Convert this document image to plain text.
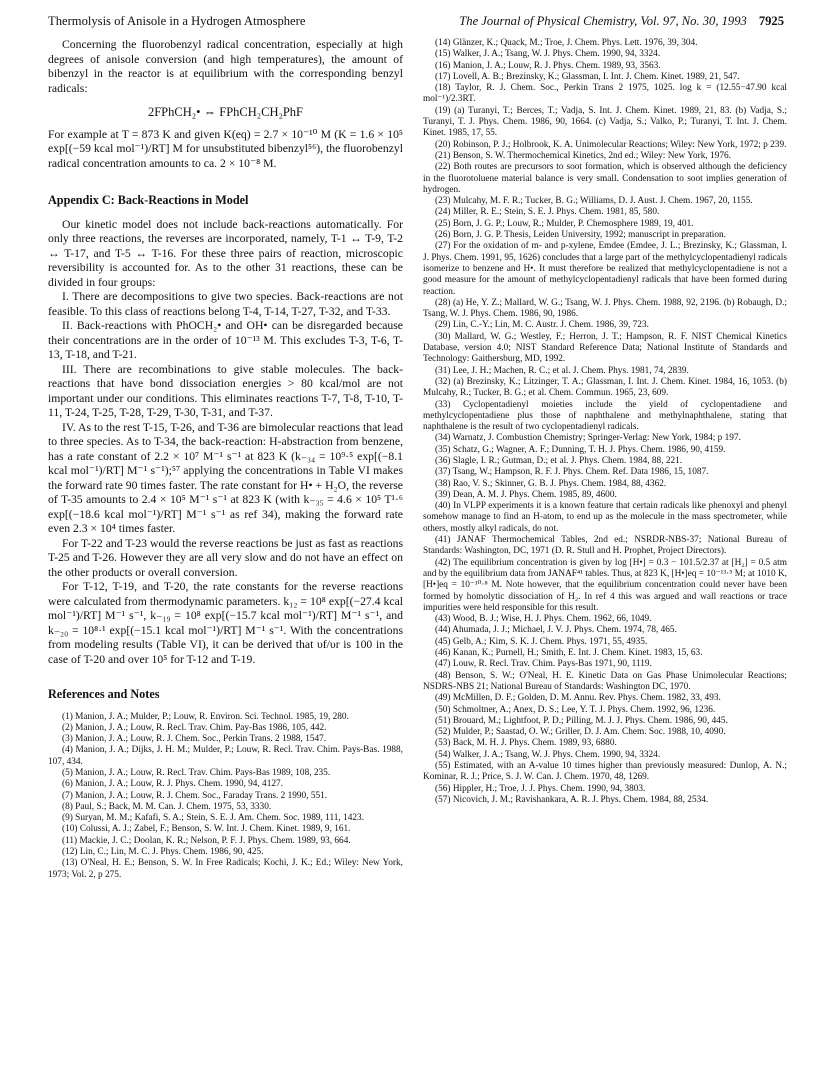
Thermolysis of Anisole in a Hydrogen Atmosphere	The Journal of Physical Chemistry, Vol. 97, No. 30, 1993 7925

Concerning the fluorobenzyl radical concentration, especially at high degrees of anisole conversion (and high temperatures), the amount of bibenzyl in the reactor is at equilibrium with the corresponding benzyl radicals:

2FPhCH₂• ⇔ FPhCH₂CH₂PhF

For example at T = 873 K and given K(eq) = 2.7 × 10⁻¹⁰ M (K = 1.6 × 10⁵ exp[(−59 kcal mol⁻¹)/RT] M for unsubstituted bibenzyl⁵⁶), the fluorobenzyl radical concentration amounts to ca. 2 × 10⁻⁸ M.

Appendix C: Back-Reactions in Model

Our kinetic model does not include back-reactions automatically. For only three reactions, the reverses are incorporated, namely, T-1 ↔ T-9, T-2 ↔ T-17, and T-5 ↔ T-16. For these three pairs of reaction, microscopic reversibility is accounted for. As to the other 31 reactions, these can be divided in four groups:

I. There are decompositions to give two species. Back-reactions are not feasible. To this class of reactions belong T-4, T-14, T-27, T-32, and T-33.

II. Back-reactions with PhOCH₂• and OH• can be disregarded because their concentrations are in the order of 10⁻¹³ M. This excludes T-3, T-6, T-13, T-18, and T-21.

III. There are recombinations to give stable molecules. The back-reactions that have bond dissociation energies > 80 kcal/mol are not important under our conditions. This eliminates reactions T-7, T-8, T-10, T-11, T-24, T-25, T-28, T-29, T-30, T-31, and T-37.

IV. As to the rest T-15, T-26, and T-36 are bimolecular reactions that lead to three species. As to T-34, the back-reaction: H-abstraction from benzene, has a rate constant of 2.2 × 10⁷ M⁻¹ s⁻¹ at 823 K (k₋₃₄ = 10⁹·⁵ exp[(−8.1 kcal mol⁻¹)/RT] M⁻¹ s⁻¹);⁵⁷ applying the concentrations in Table VI makes the forward rate 90 times faster. The rate constant for H• + H₂O, the reverse of T-35 amounts to 2.4 × 10⁵ M⁻¹ s⁻¹ at 823 K (with k₋₃₅ = 4.6 × 10⁵ T¹·⁶ exp[(−18.6 kcal mol⁻¹)/RT] M⁻¹ s⁻¹ as ref 34), making the forward rate even 2.3 × 10⁴ times faster.

For T-22 and T-23 would the reverse reactions be just as fast as reactions T-25 and T-26. However they are all very slow and do not have an effect on the other products or overall conversion.

For T-12, T-19, and T-20, the rate constants for the reverse reactions were calculated from thermodynamic parameters. k₁₂ = 10⁸ exp[(−27.4 kcal mol⁻¹)/RT] M⁻¹ s⁻¹, k₋₁₉ = 10⁸ exp[(−15.7 kcal mol⁻¹)/RT] M⁻¹ s⁻¹, and k₋₂₀ = 10⁸·¹ exp[(−15.1 kcal mol⁻¹)/RT] M⁻¹ s⁻¹. With the concentrations from modeling results (Table VI), it can be derived that υf/υr is 100 in the case of T-20 and over 10⁵ for T-12 and T-19.

References and Notes

(1) Manion, J. A.; Mulder, P.; Louw, R. Environ. Sci. Technol. 1985, 19, 280.

(2) Manion, J. A.; Louw, R. Recl. Trav. Chim. Pay-Bas 1986, 105, 442.

(3) Manion, J. A.; Louw, R. J. Chem. Soc., Perkin Trans. 2 1988, 1547.

(4) Manion, J. A.; Dijks, J. H. M.; Mulder, P.; Louw, R. Recl. Trav. Chim. Pays-Bas. 1988, 107, 434.

(5) Manion, J. A.; Louw, R. Recl. Trav. Chim. Pays-Bas 1989, 108, 235.

(6) Manion, J. A.; Louw, R. J. Phys. Chem. 1990, 94, 4127.

(7) Manion, J. A.; Louw, R. J. Chem. Soc., Faraday Trans. 2 1990, 551.

(8) Paul, S.; Back, M. M. Can. J. Chem. 1975, 53, 3330.

(9) Suryan, M. M.; Kafafi, S. A.; Stein, S. E. J. Am. Chem. Soc. 1989, 111, 1423.

(10) Colussi, A. J.; Zabel, F.; Benson, S. W. Int. J. Chem. Kinet. 1989, 9, 161.

(11) Mackie, J. C.; Doolan, K. R.; Nelson, P. F. J. Phys. Chem. 1989, 93, 664.

(12) Lin, C.; Lin, M. C. J. Phys. Chem. 1986, 90, 425.

(13) O'Neal, H. E.; Benson, S. W. In Free Radicals; Kochi, J. K.; Ed.; Wiley: New York, 1973; Vol. 2, p 275.

(14) Glänzer, K.; Quack, M.; Troe, J. Chem. Phys. Lett. 1976, 39, 304.

(15) Walker, J. A.; Tsang, W. J. Phys. Chem. 1990, 94, 3324.

(16) Manion, J. A.; Louw, R. J. Phys. Chem. 1989, 93, 3563.

(17) Lovell, A. B.; Brezinsky, K.; Glassman, I. Int. J. Chem. Kinet. 1989, 21, 547.

(18) Taylor, R. J. Chem. Soc., Perkin Trans 2 1975, 1025. log k = (12.55−47.90 kcal mol⁻¹)/2.3RT.

(19) (a) Turanyi, T.; Berces, T.; Vadja, S. Int. J. Chem. Kinet. 1989, 21, 83. (b) Vadja, S.; Turanyi, T. J. Phys. Chem. 1986, 90, 1664. (c) Vadja, S.; Valko, P.; Turanyi, T. Int. J. Chem. Kinet. 1985, 17, 55.

(20) Robinson, P. J.; Holbrook, K. A. Unimolecular Reactions; Wiley: New York, 1972; p 239.

(21) Benson, S. W. Thermochemical Kinetics, 2nd ed.; Wiley: New York, 1976.

(22) Both routes are precursors to soot formation, which is observed although the deficiency in the fluorotoluene material balance is very small. Condensation to soot implies generation of hydrogen.

(23) Mulcahy, M. F. R.; Tucker, B. G.; Williams, D. J. Aust. J. Chem. 1967, 20, 1155.

(24) Miller, R. E.; Stein, S. E. J. Phys. Chem. 1981, 85, 580.

(25) Born, J. G. P.; Louw, R.; Mulder, P. Chemosphere 1989, 19, 401.

(26) Born, J. G. P. Thesis, Leiden University, 1992; manuscript in preparation.

(27) For the oxidation of m- and p-xylene, Emdee (Emdee, J. L.; Brezinsky, K.; Glassman, I. J. Phys. Chem. 1991, 95, 1626) concludes that a large part of the methylcyclopentadienyl radicals isomerize to benzene and H•. It must therefore be realized that methylcyclopentadiene is not a good measure for the amount of methylcyclopentadienyl radicals that have been formed during reaction.

(28) (a) He, Y. Z.; Mallard, W. G.; Tsang, W. J. Phys. Chem. 1988, 92, 2196. (b) Robaugh, D.; Tsang, W. J. Phys. Chem. 1986, 90, 1986.

(29) Lin, C.-Y.; Lin, M. C. Austr. J. Chem. 1986, 39, 723.

(30) Mallard, W. G.; Westley, F.; Herron, J. T.; Hampson, R. F. NIST Chemical Kinetics Database, version 4.0; NIST Standard Reference Data; National Institute of Standards and Technology: Gaithersburg, MD, 1992.

(31) Lee, J. H.; Machen, R. C.; et al. J. Chem. Phys. 1981, 74, 2839.

(32) (a) Brezinsky, K.; Litzinger, T. A.; Glassman, I. Int. J. Chem. Kinet. 1984, 16, 1053. (b) Mulcahy, R.; Tucker, B. G.; et al. Chem. Commun. 1965, 23, 609.

(33) Cyclopentadienyl moieties include the yield of cyclopentadiene and methylcyclopentadiene plus those of naphthalene and methylnaphthalene, stating that naphthalene is the result of two cyclopentadienyl radicals.

(34) Warnatz, J. Combustion Chemistry; Springer-Verlag: New York, 1984; p 197.

(35) Schatz, G.; Wagner, A. F.; Dunning, T. H. J. Phys. Chem. 1986, 90, 4159.

(36) Slagle, I. R.; Gutman, D.; et al. J. Phys. Chem. 1984, 88, 221.

(37) Tsang, W.; Hampson, R. F. J. Phys. Chem. Ref. Data 1986, 15, 1087.

(38) Rao, V. S.; Skinner, G. B. J. Phys. Chem. 1984, 88, 4362.

(39) Dean, A. M. J. Phys. Chem. 1985, 89, 4600.

(40) In VLPP experiments it is a known feature that certain radicals like phenoxyl and phenyl somehow manage to find an H-atom, to end up as the molecule in the mass spectrometer, while others, mostly alkyl radicals, do not.

(41) JANAF Thermochemical Tables, 2nd ed.; NSRDR-NBS-37; National Bureau of Standards: Washington, DC, 1971 (D. R. Stull and H. Prophet, Project Directors).

(42) The equilibrium concentration is given by log [H•] = 0.3 − 101.5/2.37 at [H₂] = 0.5 atm and by the equilibrium data from JANAF⁴¹ tables. Thus, at 823 K, [H•]eq = 10⁻¹³·⁵ M; at 1010 K, [H•]eq = 10⁻¹⁰·⁸ M. Note however, that the equilibrium concentration could never have been formed by homolytic dissociation of H₂. In ref 4 this was argued and wall reactions or trace impurities were held responsible for this result.

(43) Wood, B. J.; Wise, H. J. Phys. Chem. 1962, 66, 1049.

(44) Ahumada, J. J.; Michael, J. V. J. Phys. Chem. 1974, 78, 465.

(45) Gelb, A.; Kim, S. K. J. Chem. Phys. 1971, 55, 4935.

(46) Kanan, K.; Purnell, H.; Smith, E. Int. J. Chem. Kinet. 1983, 15, 63.

(47) Louw, R. Recl. Trav. Chim. Pays-Bas 1971, 90, 1119.

(48) Benson, S. W.; O'Neal, H. E. Kinetic Data on Gas Phase Unimolecular Reactions; NSDRS-NBS 21; National Bureau of Standards: Washington DC, 1970.

(49) McMillen, D. F.; Golden, D. M. Annu. Rev. Phys. Chem. 1982, 33, 493.

(50) Schmoltner, A.; Anex, D. S.; Lee, Y. T. J. Phys. Chem. 1992, 96, 1236.

(51) Brouard, M.; Lightfoot, P. D.; Pilling, M. J. J. Phys. Chem. 1986, 90, 445.

(52) Mulder, P.; Saastad, O. W.; Griller, D. J. Am. Chem. Soc. 1988, 10, 4090.

(53) Back, M. H. J. Phys. Chem. 1989, 93, 6880.

(54) Walker, J. A.; Tsang, W. J. Phys. Chem. 1990, 94, 3324.

(55) Estimated, with an A-value 10 times higher than previously measured: Dunlop, A. N.; Kominar, R. J.; Price, S. J. W. Can. J. Chem. 1970, 48, 1269.

(56) Hippler, H.; Troe, J. J. Phys. Chem. 1990, 94, 3803.

(57) Nicovich, J. M.; Ravishankara, A. R. J. Phys. Chem. 1984, 88, 2534.
